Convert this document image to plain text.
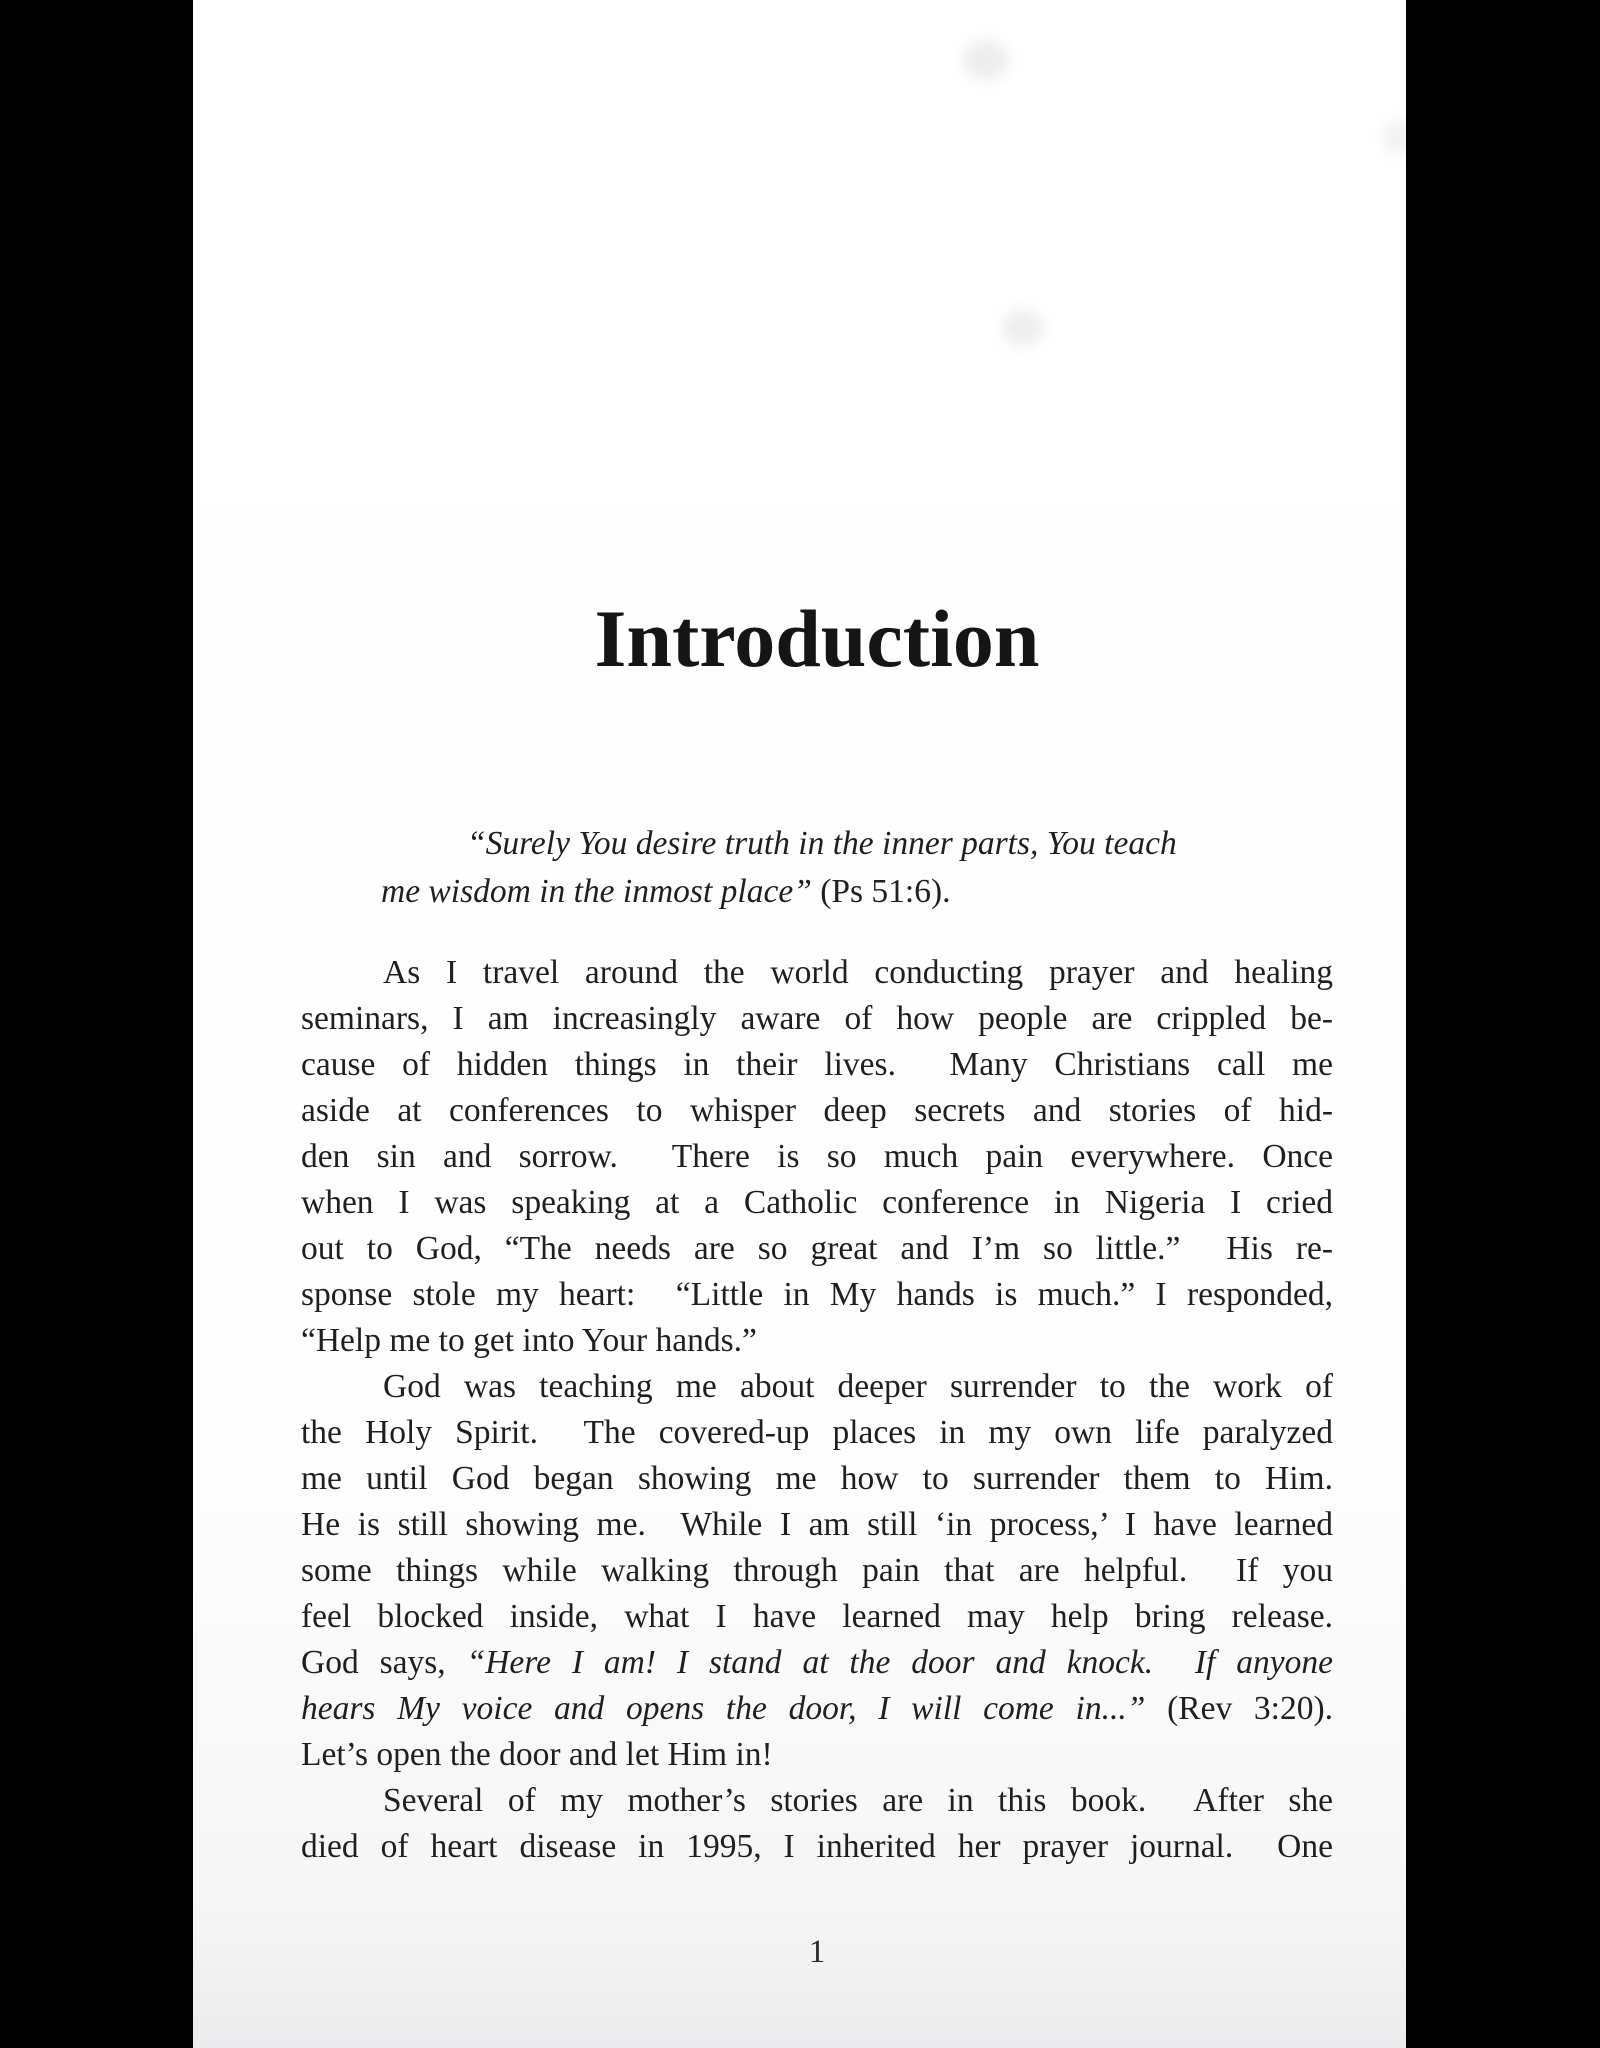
Introduction
“Surely You desire truth in the inner parts, You teach
me wisdom in the inmost place” (Ps 51:6).
As I travel around the world conducting prayer and healing
seminars, I am increasingly aware of how people are crippled be-
cause of hidden things in their lives.  Many Christians call me
aside at conferences to whisper deep secrets and stories of hid-
den sin and sorrow.  There is so much pain everywhere. Once
when I was speaking at a Catholic conference in Nigeria I cried
out to God, “The needs are so great and I’m so little.”  His re-
sponse stole my heart:  “Little in My hands is much.” I responded,
“Help me to get into Your hands.”
God was teaching me about deeper surrender to the work of
the Holy Spirit.  The covered-up places in my own life paralyzed
me until God began showing me how to surrender them to Him.
He is still showing me.  While I am still ‘in process,’ I have learned
some things while walking through pain that are helpful.  If you
feel blocked inside, what I have learned may help bring release.
God says, “Here I am! I stand at the door and knock.  If anyone
hears My voice and opens the door, I will come in...” (Rev 3:20).
Let’s open the door and let Him in!
Several of my mother’s stories are in this book.  After she
died of heart disease in 1995, I inherited her prayer journal.  One
1
